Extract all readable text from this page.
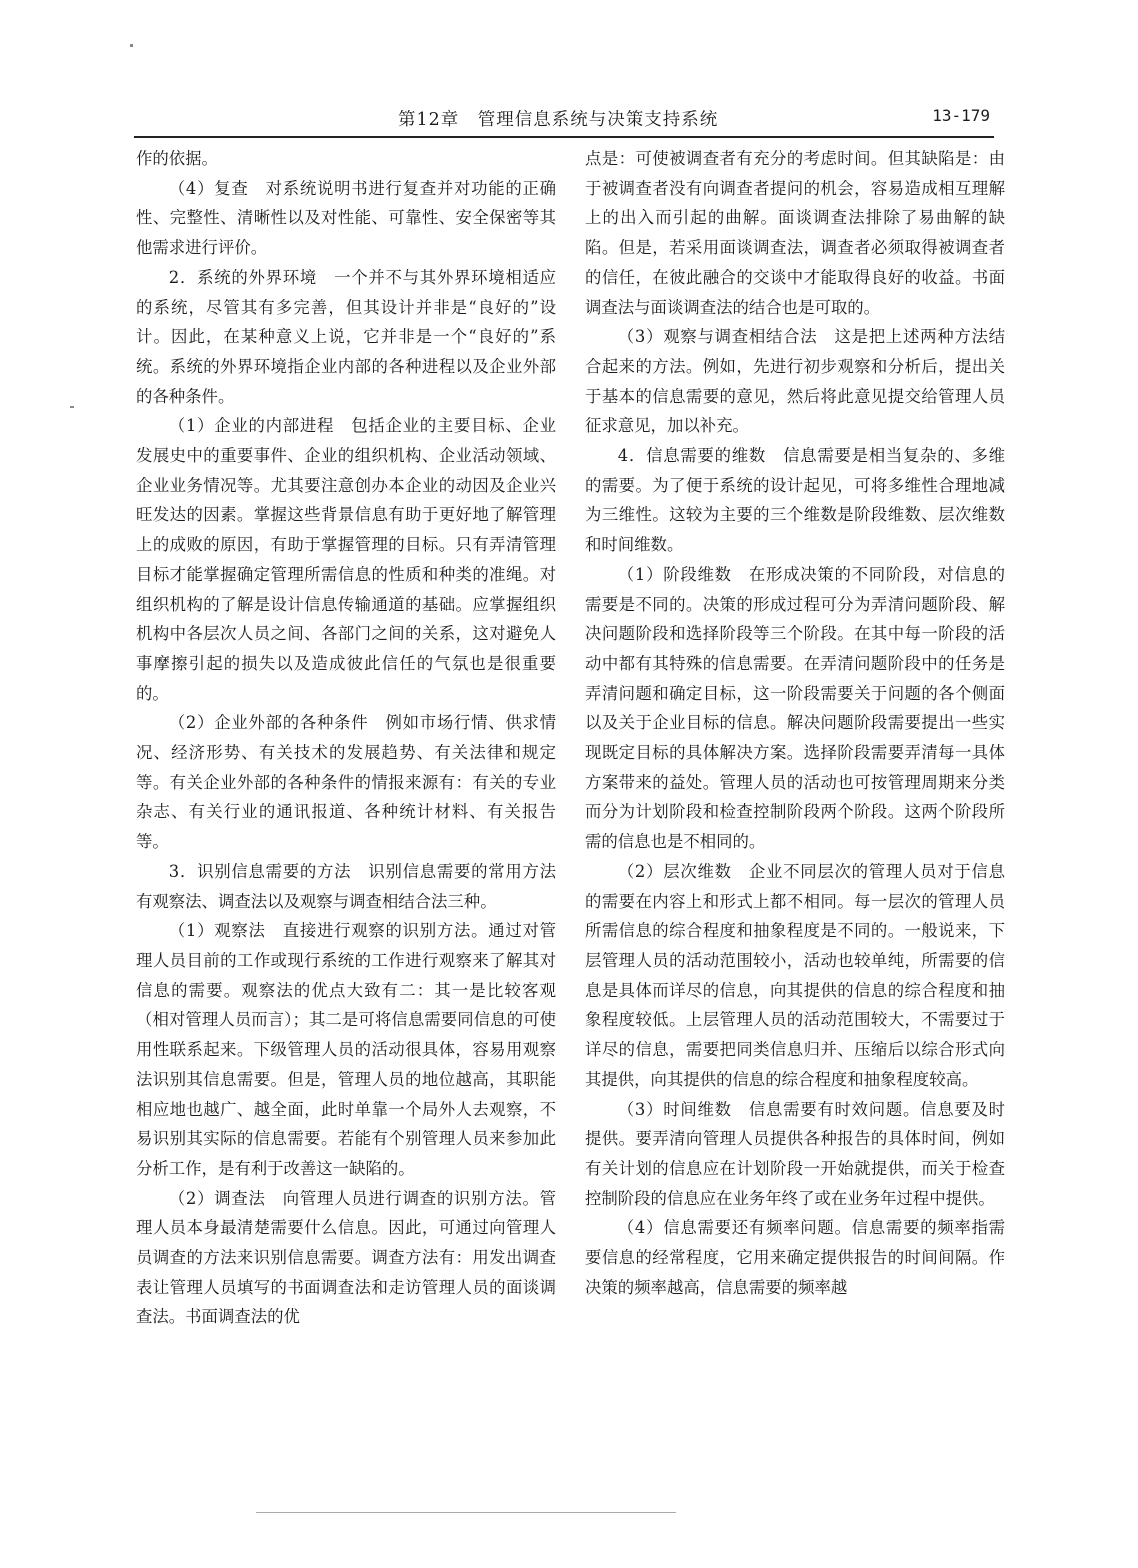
第12章　管理信息系统与决策支持系统	13-179

作的依据。

（4）复查　对系统说明书进行复查并对功能的正确性、完整性、清晰性以及对性能、可靠性、安全保密等其他需求进行评价。

2．系统的外界环境　一个并不与其外界环境相适应的系统，尽管其有多完善，但其设计并非是“良好的”设计。因此，在某种意义上说，它并非是一个“良好的”系统。系统的外界环境指企业内部的各种进程以及企业外部的各种条件。

（1）企业的内部进程　包括企业的主要目标、企业发展史中的重要事件、企业的组织机构、企业活动领域、企业业务情况等。尤其要注意创办本企业的动因及企业兴旺发达的因素。掌握这些背景信息有助于更好地了解管理上的成败的原因，有助于掌握管理的目标。只有弄清管理目标才能掌握确定管理所需信息的性质和种类的准绳。对组织机构的了解是设计信息传输通道的基础。应掌握组织机构中各层次人员之间、各部门之间的关系，这对避免人事摩擦引起的损失以及造成彼此信任的气氛也是很重要的。

（2）企业外部的各种条件　例如市场行情、供求情况、经济形势、有关技术的发展趋势、有关法律和规定等。有关企业外部的各种条件的情报来源有：有关的专业杂志、有关行业的通讯报道、各种统计材料、有关报告等。

3．识别信息需要的方法　识别信息需要的常用方法有观察法、调查法以及观察与调查相结合法三种。

（1）观察法　直接进行观察的识别方法。通过对管理人员目前的工作或现行系统的工作进行观察来了解其对信息的需要。观察法的优点大致有二：其一是比较客观（相对管理人员而言）；其二是可将信息需要同信息的可使用性联系起来。下级管理人员的活动很具体，容易用观察法识别其信息需要。但是，管理人员的地位越高，其职能相应地也越广、越全面，此时单靠一个局外人去观察，不易识别其实际的信息需要。若能有个别管理人员来参加此分析工作，是有利于改善这一缺陷的。

（2）调查法　向管理人员进行调查的识别方法。管理人员本身最清楚需要什么信息。因此，可通过向管理人员调查的方法来识别信息需要。调查方法有：用发出调查表让管理人员填写的书面调查法和走访管理人员的面谈调查法。书面调查法的优

点是：可使被调查者有充分的考虑时间。但其缺陷是：由于被调查者没有向调查者提问的机会，容易造成相互理解上的出入而引起的曲解。面谈调查法排除了易曲解的缺陷。但是，若采用面谈调查法，调查者必须取得被调查者的信任，在彼此融合的交谈中才能取得良好的收益。书面调查法与面谈调查法的结合也是可取的。

（3）观察与调查相结合法　这是把上述两种方法结合起来的方法。例如，先进行初步观察和分析后，提出关于基本的信息需要的意见，然后将此意见提交给管理人员征求意见，加以补充。

4．信息需要的维数　信息需要是相当复杂的、多维的需要。为了便于系统的设计起见，可将多维性合理地减为三维性。这较为主要的三个维数是阶段维数、层次维数和时间维数。

（1）阶段维数　在形成决策的不同阶段，对信息的需要是不同的。决策的形成过程可分为弄清问题阶段、解决问题阶段和选择阶段等三个阶段。在其中每一阶段的活动中都有其特殊的信息需要。在弄清问题阶段中的任务是弄清问题和确定目标，这一阶段需要关于问题的各个侧面以及关于企业目标的信息。解决问题阶段需要提出一些实现既定目标的具体解决方案。选择阶段需要弄清每一具体方案带来的益处。管理人员的活动也可按管理周期来分类而分为计划阶段和检查控制阶段两个阶段。这两个阶段所需的信息也是不相同的。

（2）层次维数　企业不同层次的管理人员对于信息的需要在内容上和形式上都不相同。每一层次的管理人员所需信息的综合程度和抽象程度是不同的。一般说来，下层管理人员的活动范围较小，活动也较单纯，所需要的信息是具体而详尽的信息，向其提供的信息的综合程度和抽象程度较低。上层管理人员的活动范围较大，不需要过于详尽的信息，需要把同类信息归并、压缩后以综合形式向其提供，向其提供的信息的综合程度和抽象程度较高。

（3）时间维数　信息需要有时效问题。信息要及时提供。要弄清向管理人员提供各种报告的具体时间，例如有关计划的信息应在计划阶段一开始就提供，而关于检查控制阶段的信息应在业务年终了或在业务年过程中提供。

（4）信息需要还有频率问题。信息需要的频率指需要信息的经常程度，它用来确定提供报告的时间间隔。作决策的频率越高，信息需要的频率越
